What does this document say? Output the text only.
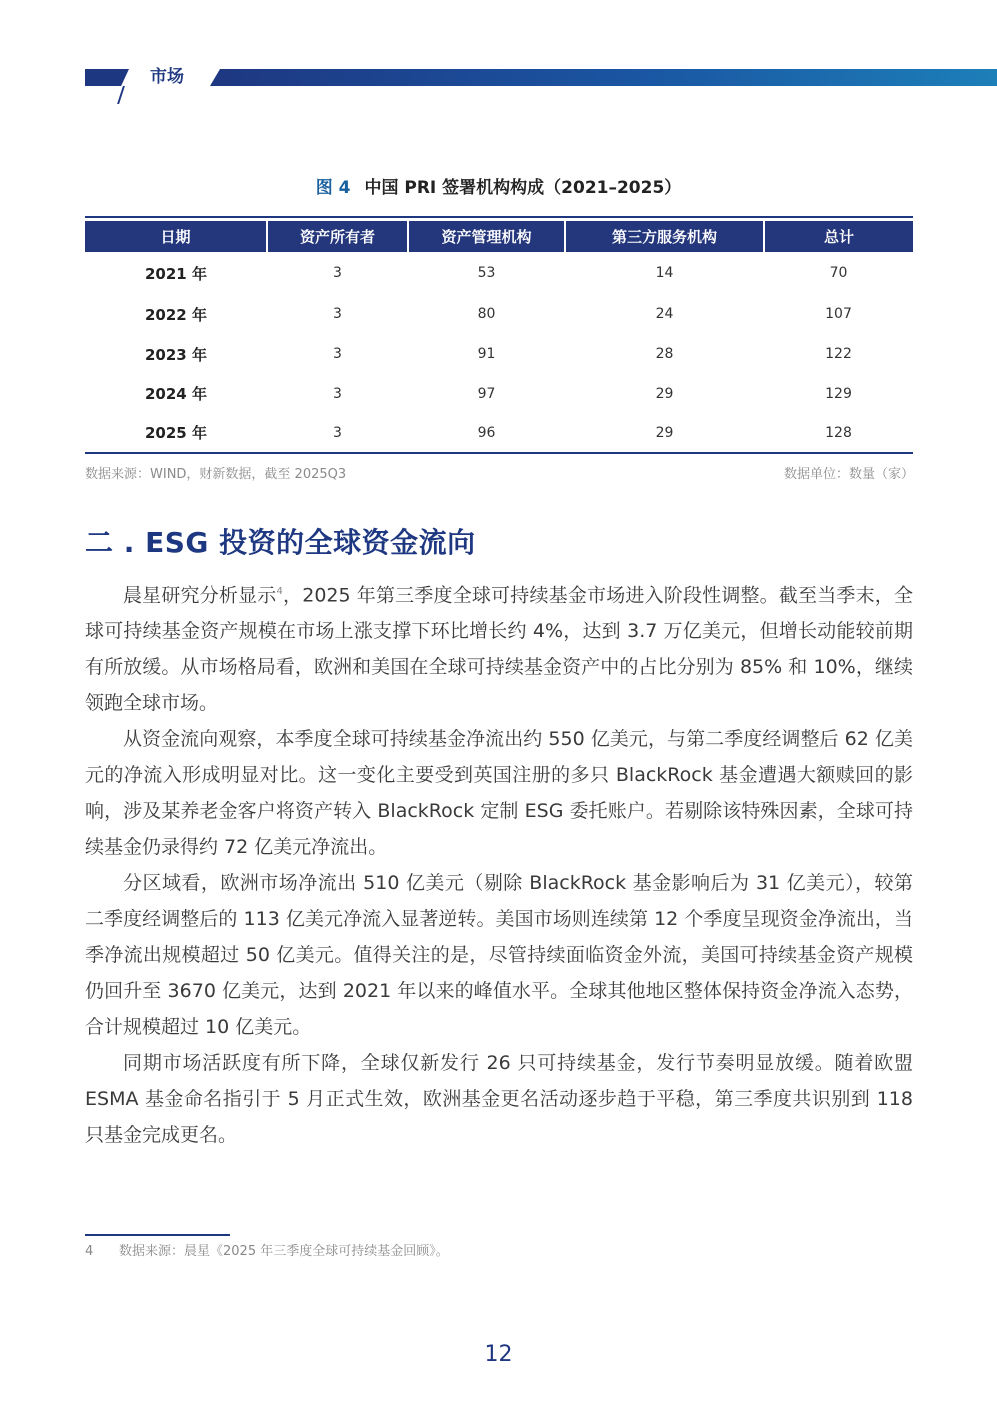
市场
图 4 中国 PRI 签署机构构成（2021–2025）
日期	资产所有者	资产管理机构	第三方服务机构	总计
2021 年	3	53	14	70
2022 年	3	80	24	107
2023 年	3	91	28	122
2024 年	3	97	29	129
2025 年	3	96	29	128
数据来源：WIND，财新数据，截至 2025Q3	数据单位：数量（家）
二 . ESG 投资的全球资金流向

晨星研究分析显示$^4$，2025 年第三季度全球可持续基金市场进入阶段性调整。截至当季末，全球可持续基金资产规模在市场上涨支撑下环比增长约 4%，达到 3.7 万亿美元，但增长动能较前期有所放缓。从市场格局看，欧洲和美国在全球可持续基金资产中的占比分别为 85% 和 10%，继续领跑全球市场。

从资金流向观察，本季度全球可持续基金净流出约 550 亿美元，与第二季度经调整后 62 亿美元的净流入形成明显对比。这一变化主要受到英国注册的多只 BlackRock 基金遭遇大额赎回的影响，涉及某养老金客户将资产转入 BlackRock 定制 ESG 委托账户。若剔除该特殊因素，全球可持续基金仍录得约 72 亿美元净流出。

分区域看，欧洲市场净流出 510 亿美元（剔除 BlackRock 基金影响后为 31 亿美元），较第二季度经调整后的 113 亿美元净流入显著逆转。美国市场则连续第 12 个季度呈现资金净流出，当季净流出规模超过 50 亿美元。值得关注的是，尽管持续面临资金外流，美国可持续基金资产规模仍回升至 3670 亿美元，达到 2021 年以来的峰值水平。全球其他地区整体保持资金净流入态势，合计规模超过 10 亿美元。

同期市场活跃度有所下降，全球仅新发行 26 只可持续基金，发行节奏明显放缓。随着欧盟 ESMA 基金命名指引于 5 月正式生效，欧洲基金更名活动逐步趋于平稳，第三季度共识别到 118 只基金完成更名。

4 数据来源：晨星《2025 年三季度全球可持续基金回顾》。
12
